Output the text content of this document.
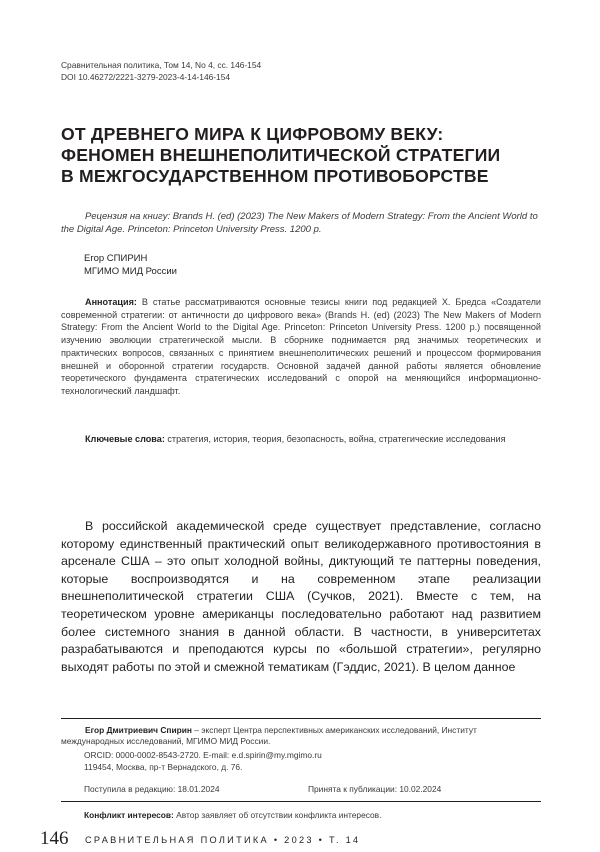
Сравнительная политика, Том 14, No 4, сс. 146-154
DOI 10.46272/2221-3279-2023-4-14-146-154
ОТ ДРЕВНЕГО МИРА К ЦИФРОВОМУ ВЕКУ:
ФЕНОМЕН ВНЕШНЕПОЛИТИЧЕСКОЙ СТРАТЕГИИ
В МЕЖГОСУДАРСТВЕННОМ ПРОТИВОБОРСТВЕ
Рецензия на книгу: Brands H. (ed) (2023) The New Makers of Modern Strategy: From the Ancient World to the Digital Age. Princeton: Princeton University Press. 1200 р.
Егор СПИРИН
МГИМО МИД России
Аннотация: В статье рассматриваются основные тезисы книги под редакцией Х. Бредса «Создатели современной стратегии: от античности до цифрового века» (Brands H. (ed) (2023) The New Makers of Modern Strategy: From the Ancient World to the Digital Age. Princeton: Princeton University Press. 1200 р.) посвященной изучению эволюции стратегической мысли. В сборнике поднимается ряд значимых теоретических и практических вопросов, связанных с принятием внешнеполитических решений и процессом формирования внешней и оборонной стратегии государств. Основной задачей данной работы является обновление теоретического фундамента стратегических исследований с опорой на меняющийся информационно-технологический ландшафт.
Ключевые слова: стратегия, история, теория, безопасность, война, стратегические исследования
В российской академической среде существует представление, согласно которому единственный практический опыт великодержавного противостояния в арсенале США – это опыт холодной войны, диктующий те паттерны поведения, которые воспроизводятся и на современном этапе реализации внешнеполитической стратегии США (Сучков, 2021). Вместе с тем, на теоретическом уровне американцы последовательно работают над развитием более системного знания в данной области. В частности, в университетах разрабатываются и преподаются курсы по «большой стратегии», регулярно выходят работы по этой и смежной тематикам (Гэддис, 2021). В целом данное
Егор Дмитриевич Спирин – эксперт Центра перспективных американских исследований, Институт международных исследований, МГИМО МИД России.
ORCID: 0000-0002-8543-2720. E-mail: e.d.spirin@my.mgimo.ru
119454, Москва, пр-т Вернадского, д. 76.
Поступила в редакцию: 18.01.2024	Принята к публикации: 10.02.2024
Конфликт интересов: Автор заявляет об отсутствии конфликта интересов.
146 СРАВНИТЕЛЬНАЯ ПОЛИТИКА • 2023 • Т. 14
